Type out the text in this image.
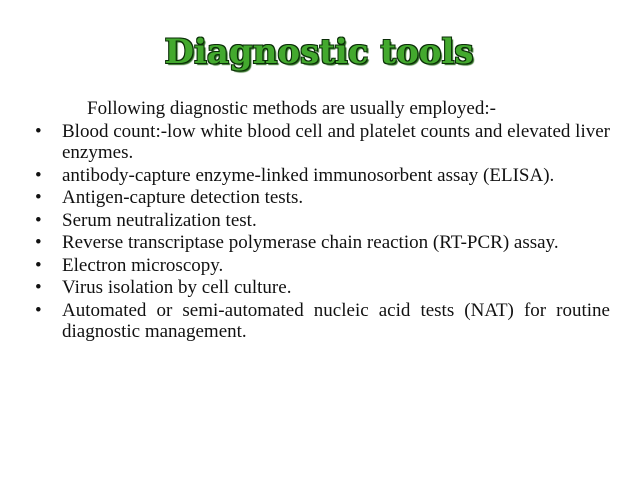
Diagnostic tools
Following diagnostic methods are usually employed:-
• Blood count:-low white blood cell and platelet counts and elevated liver enzymes.
• antibody-capture enzyme-linked immunosorbent assay (ELISA).
• Antigen-capture detection tests.
• Serum neutralization test.
• Reverse transcriptase polymerase chain reaction (RT-PCR) assay.
• Electron microscopy.
• Virus isolation by cell culture.
• Automated or semi-automated nucleic acid tests (NAT) for routine diagnostic management.
